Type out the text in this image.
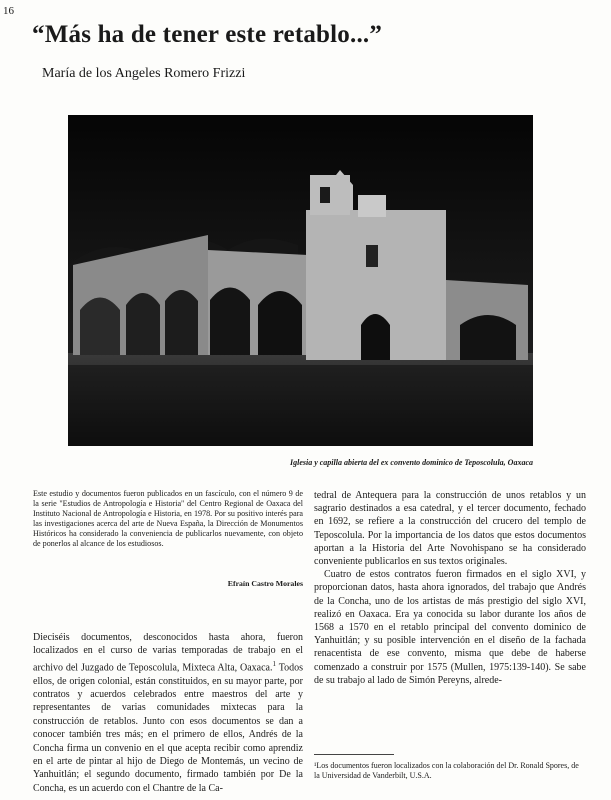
16
“Más ha de tener este retablo...”
María de los Angeles Romero Frizzi
Iglesia y capilla abierta del ex convento dominico de Teposcolula, Oaxaca
Este estudio y documentos fueron publicados en un fascículo, con el número 9 de la serie "Estudios de Antropología e Historia" del Centro Regional de Oaxaca del Instituto Nacional de Antropología e Historia, en 1978. Por su positivo interés para las investigaciones acerca del arte de Nueva España, la Dirección de Monumentos Históricos ha considerado la conveniencia de publicarlos nuevamente, con objeto de ponerlos al alcance de los estudiosos.
Efraín Castro Morales

Dieciséis documentos, desconocidos hasta ahora, fueron localizados en el curso de varias temporadas de trabajo en el archivo del Juzgado de Teposcolula, Mixteca Alta, Oaxaca.$^1$ Todos ellos, de origen colonial, están constituidos, en su mayor parte, por contratos y acuerdos celebrados entre maestros del arte y representantes de varias comunidades mixtecas para la construcción de retablos. Junto con esos documentos se dan a conocer también tres más; en el primero de ellos, Andrés de la Concha firma un convenio en el que acepta recibir como aprendiz en el arte de pintar al hijo de Diego de Montemás, un vecino de Yanhuitlán; el segundo documento, firmado también por De la Concha, es un acuerdo con el Chantre de la Ca-

tedral de Antequera para la construcción de unos retablos y un sagrario destinados a esa catedral, y el tercer documento, fechado en 1692, se refiere a la construcción del crucero del templo de Teposcolula. Por la importancia de los datos que estos documentos aportan a la Historia del Arte Novohispano se ha considerado conveniente publicarlos en sus textos originales.

Cuatro de estos contratos fueron firmados en el siglo XVI, y proporcionan datos, hasta ahora ignorados, del trabajo que Andrés de la Concha, uno de los artistas de más prestigio del siglo XVI, realizó en Oaxaca. Era ya conocida su labor durante los años de 1568 a 1570 en el retablo principal del convento dominico de Yanhuitlán; y su posible intervención en el diseño de la fachada renacentista de ese convento, misma que debe de haberse comenzado a construir por 1575 (Mullen, 1975:139-140). Se sabe de su trabajo al lado de Simón Pereyns, alrede-

¹Los documentos fueron localizados con la colaboración del Dr. Ronald Spores, de la Universidad de Vanderbilt, U.S.A.
